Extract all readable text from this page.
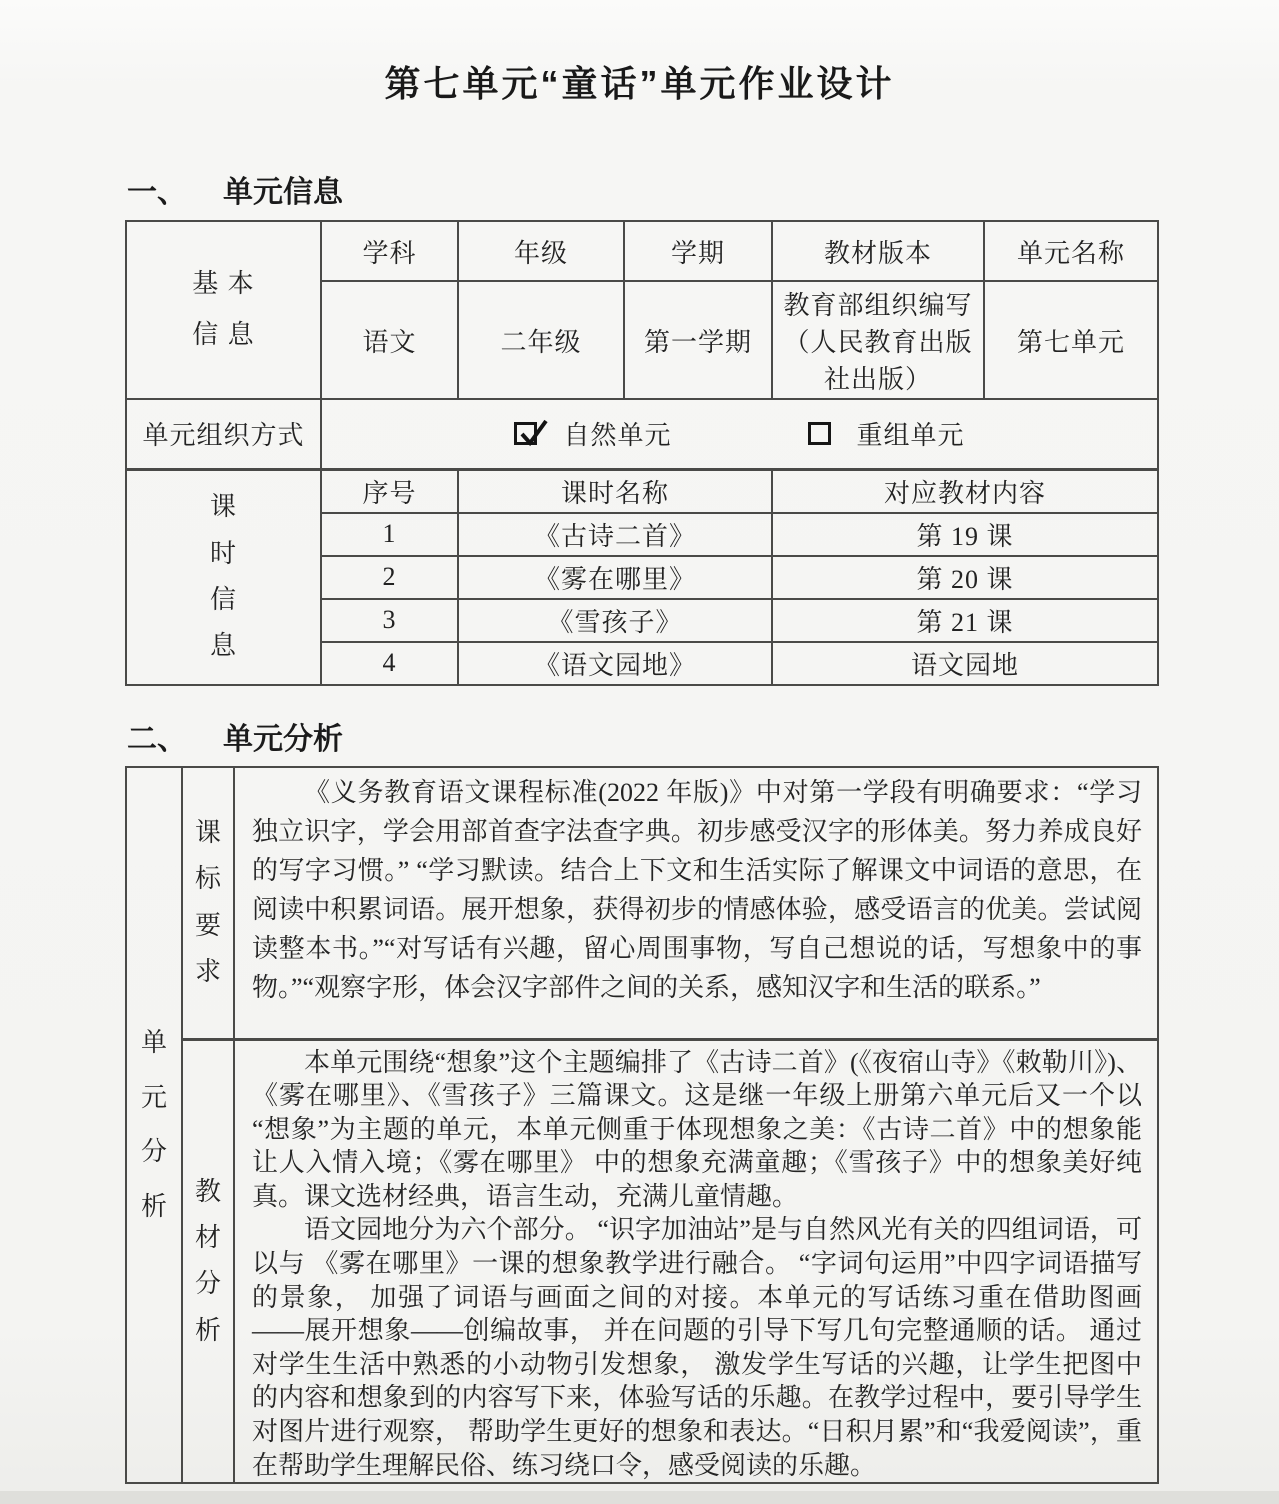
第七单元“童话”单元作业设计
一、 单元信息
基本信息	学科	年级	学期	教材版本	单元名称
	语文	二年级	第一学期	教育部组织编写（人民教育出版社出版）	第七单元
单元组织方式	自然单元 重组单元				

课时信息	序号	课时名称		对应教材内容	
	1	《古诗二首》		第 19 课	
	2	《雾在哪里》		第 20 课	
	3	《雪孩子》		第 21 课	
	4	《语文园地》		语文园地	
二、 单元分析
单元分析	课标要求	《义务教育语文课程标准(2022 年版)》中对第一学段有明确要求：“学习独立识字，学会用部首查字法查字典。初步感受汉字的形体美。努力养成良好的写字习惯。” “学习默读。结合上下文和生活实际了解课文中词语的意思，在阅读中积累词语。展开想象，获得初步的情感体验，感受语言的优美。尝试阅读整本书。”“对写话有兴趣，留心周围事物，写自己想说的话，写想象中的事物。”“观察字形，体会汉字部件之间的关系，感知汉字和生活的联系。”

	教材分析	本单元围绕“想象”这个主题编排了《古诗二首》(《夜宿山寺》《敕勒川》)、《雾在哪里》、《雪孩子》三篇课文。这是继一年级上册第六单元后又一个以“想象”为主题的单元，本单元侧重于体现想象之美：《古诗二首》中的想象能让人入情入境；《雾在哪里》 中的想象充满童趣；《雪孩子》中的想象美好纯真。课文选材经典，语言生动，充满儿童情趣。

语文园地分为六个部分。 “识字加油站”是与自然风光有关的四组词语，可以与 《雾在哪里》一课的想象教学进行融合。 “字词句运用”中四字词语描写的景象， 加强了词语与画面之间的对接。本单元的写话练习重在借助图画——展开想象——创编故事， 并在问题的引导下写几句完整通顺的话。 通过对学生生活中熟悉的小动物引发想象， 激发学生写话的兴趣，让学生把图中的内容和想象到的内容写下来，体验写话的乐趣。在教学过程中，要引导学生对图片进行观察， 帮助学生更好的想象和表达。“日积月累”和“我爱阅读”，重在帮助学生理解民俗、练习绕口令，感受阅读的乐趣。
